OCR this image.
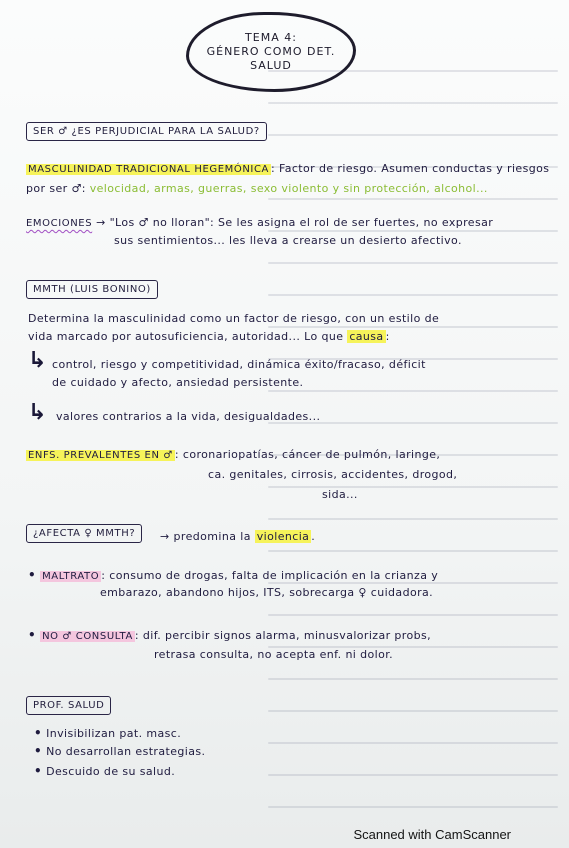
TEMA 4:
GÉNERO COMO DET.
SALUD
SER ♂ ¿ES PERJUDICIAL PARA LA SALUD?
MASCULINIDAD TRADICIONAL HEGEMÓNICA : Factor de riesgo. Asumen conductas y riesgos
por ser ♂: velocidad, armas, guerras, sexo violento y sin protección, alcohol...
EMOCIONES → "Los ♂ no lloran": Se les asigna el rol de ser fuertes, no expresar
sus sentimientos... les lleva a crearse un desierto afectivo.
MMTH (LUIS BONINO)
Determina la masculinidad como un factor de riesgo, con un estilo de
vida marcado por autosuficiencia, autoridad... Lo que causa :
↳ control, riesgo y competitividad, dinámica éxito/fracaso, déficit
de cuidado y afecto, ansiedad persistente.
↳ valores contrarios a la vida, desigualdades...
ENFS. PREVALENTES EN ♂ : coronariopatías, cáncer de pulmón, laringe,
ca. genitales, cirrosis, accidentes, drogod,
sida...
¿AFECTA ♀ MMTH?	→ predomina la violencia .
• MALTRATO : consumo de drogas, falta de implicación en la crianza y
embarazo, abandono hijos, ITS, sobrecarga ♀ cuidadora.
• NO ♂ CONSULTA : dif. percibir signos alarma, minusvalorizar probs,
retrasa consulta, no acepta enf. ni dolor.
PROF. SALUD
• Invisibilizan pat. masc.
• No desarrollan estrategias.
• Descuido de su salud.
Scanned with CamScanner
